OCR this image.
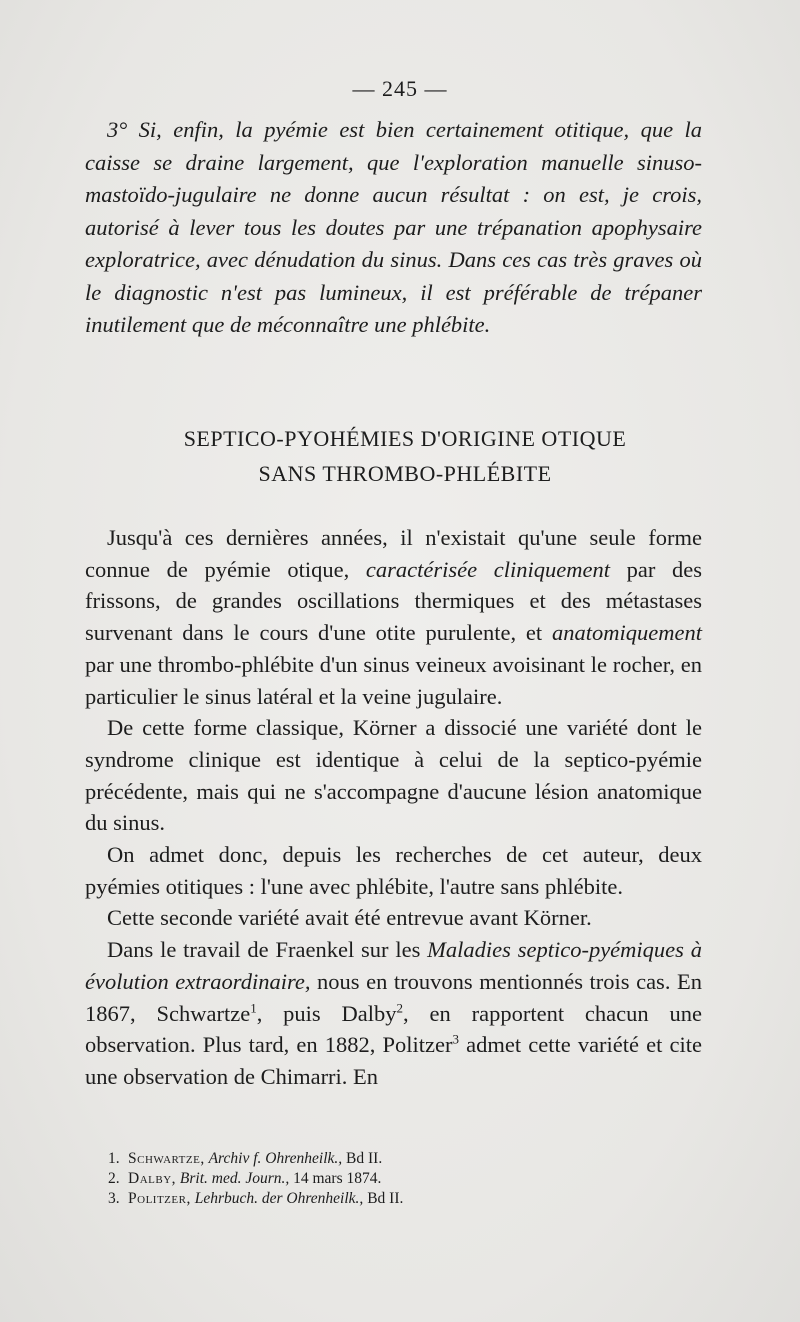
— 245 —

3° Si, enfin, la pyémie est bien certainement otitique, que la caisse se draine largement, que l'exploration manuelle sinuso-mastoïdo-jugulaire ne donne aucun résultat : on est, je crois, autorisé à lever tous les doutes par une trépanation apophysaire exploratrice, avec dénudation du sinus. Dans ces cas très graves où le diagnostic n'est pas lumineux, il est préférable de trépaner inutilement que de méconnaître une phlébite.

SEPTICO-PYOHÉMIES D'ORIGINE OTIQUE
SANS THROMBO-PHLÉBITE

Jusqu'à ces dernières années, il n'existait qu'une seule forme connue de pyémie otique, caractérisée cliniquement par des frissons, de grandes oscillations thermiques et des métastases survenant dans le cours d'une otite purulente, et anatomiquement par une thrombo-phlébite d'un sinus veineux avoisinant le rocher, en particulier le sinus latéral et la veine jugulaire.

De cette forme classique, Körner a dissocié une variété dont le syndrome clinique est identique à celui de la septico-pyémie précédente, mais qui ne s'accompagne d'aucune lésion anatomique du sinus.

On admet donc, depuis les recherches de cet auteur, deux pyémies otitiques : l'une avec phlébite, l'autre sans phlébite.

Cette seconde variété avait été entrevue avant Körner.

Dans le travail de Fraenkel sur les Maladies septico-pyémiques à évolution extraordinaire, nous en trouvons mentionnés trois cas. En 1867, Schwartze$^1$, puis Dalby$^2$, en rapportent chacun une observation. Plus tard, en 1882, Politzer$^3$ admet cette variété et cite une observation de Chimarri. En

1. Schwartze, Archiv f. Ohrenheilk., Bd II.
2. Dalby, Brit. med. Journ., 14 mars 1874.
3. Politzer, Lehrbuch. der Ohrenheilk., Bd II.
